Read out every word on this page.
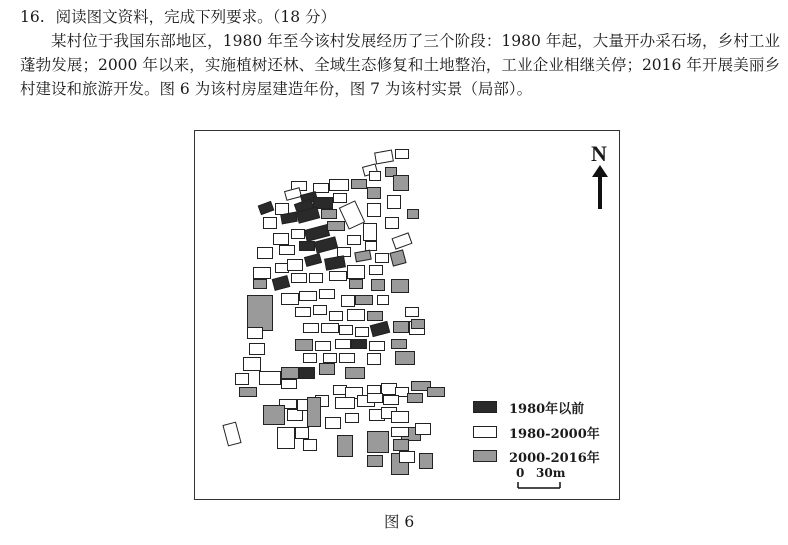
16. 阅读图文资料，完成下列要求。（18 分）
某村位于我国东部地区，1980 年至今该村发展经历了三个阶段：1980 年起，大量开办采石场，乡村工业蓬勃发展；2000 年以来，实施植树还林、全域生态修复和土地整治，工业企业相继关停；2016 年开展美丽乡村建设和旅游开发。图 6 为该村房屋建造年份，图 7 为该村实景（局部）。
N
1980年以前
1980-2000年
2000-2016年
0 30m
图 6
